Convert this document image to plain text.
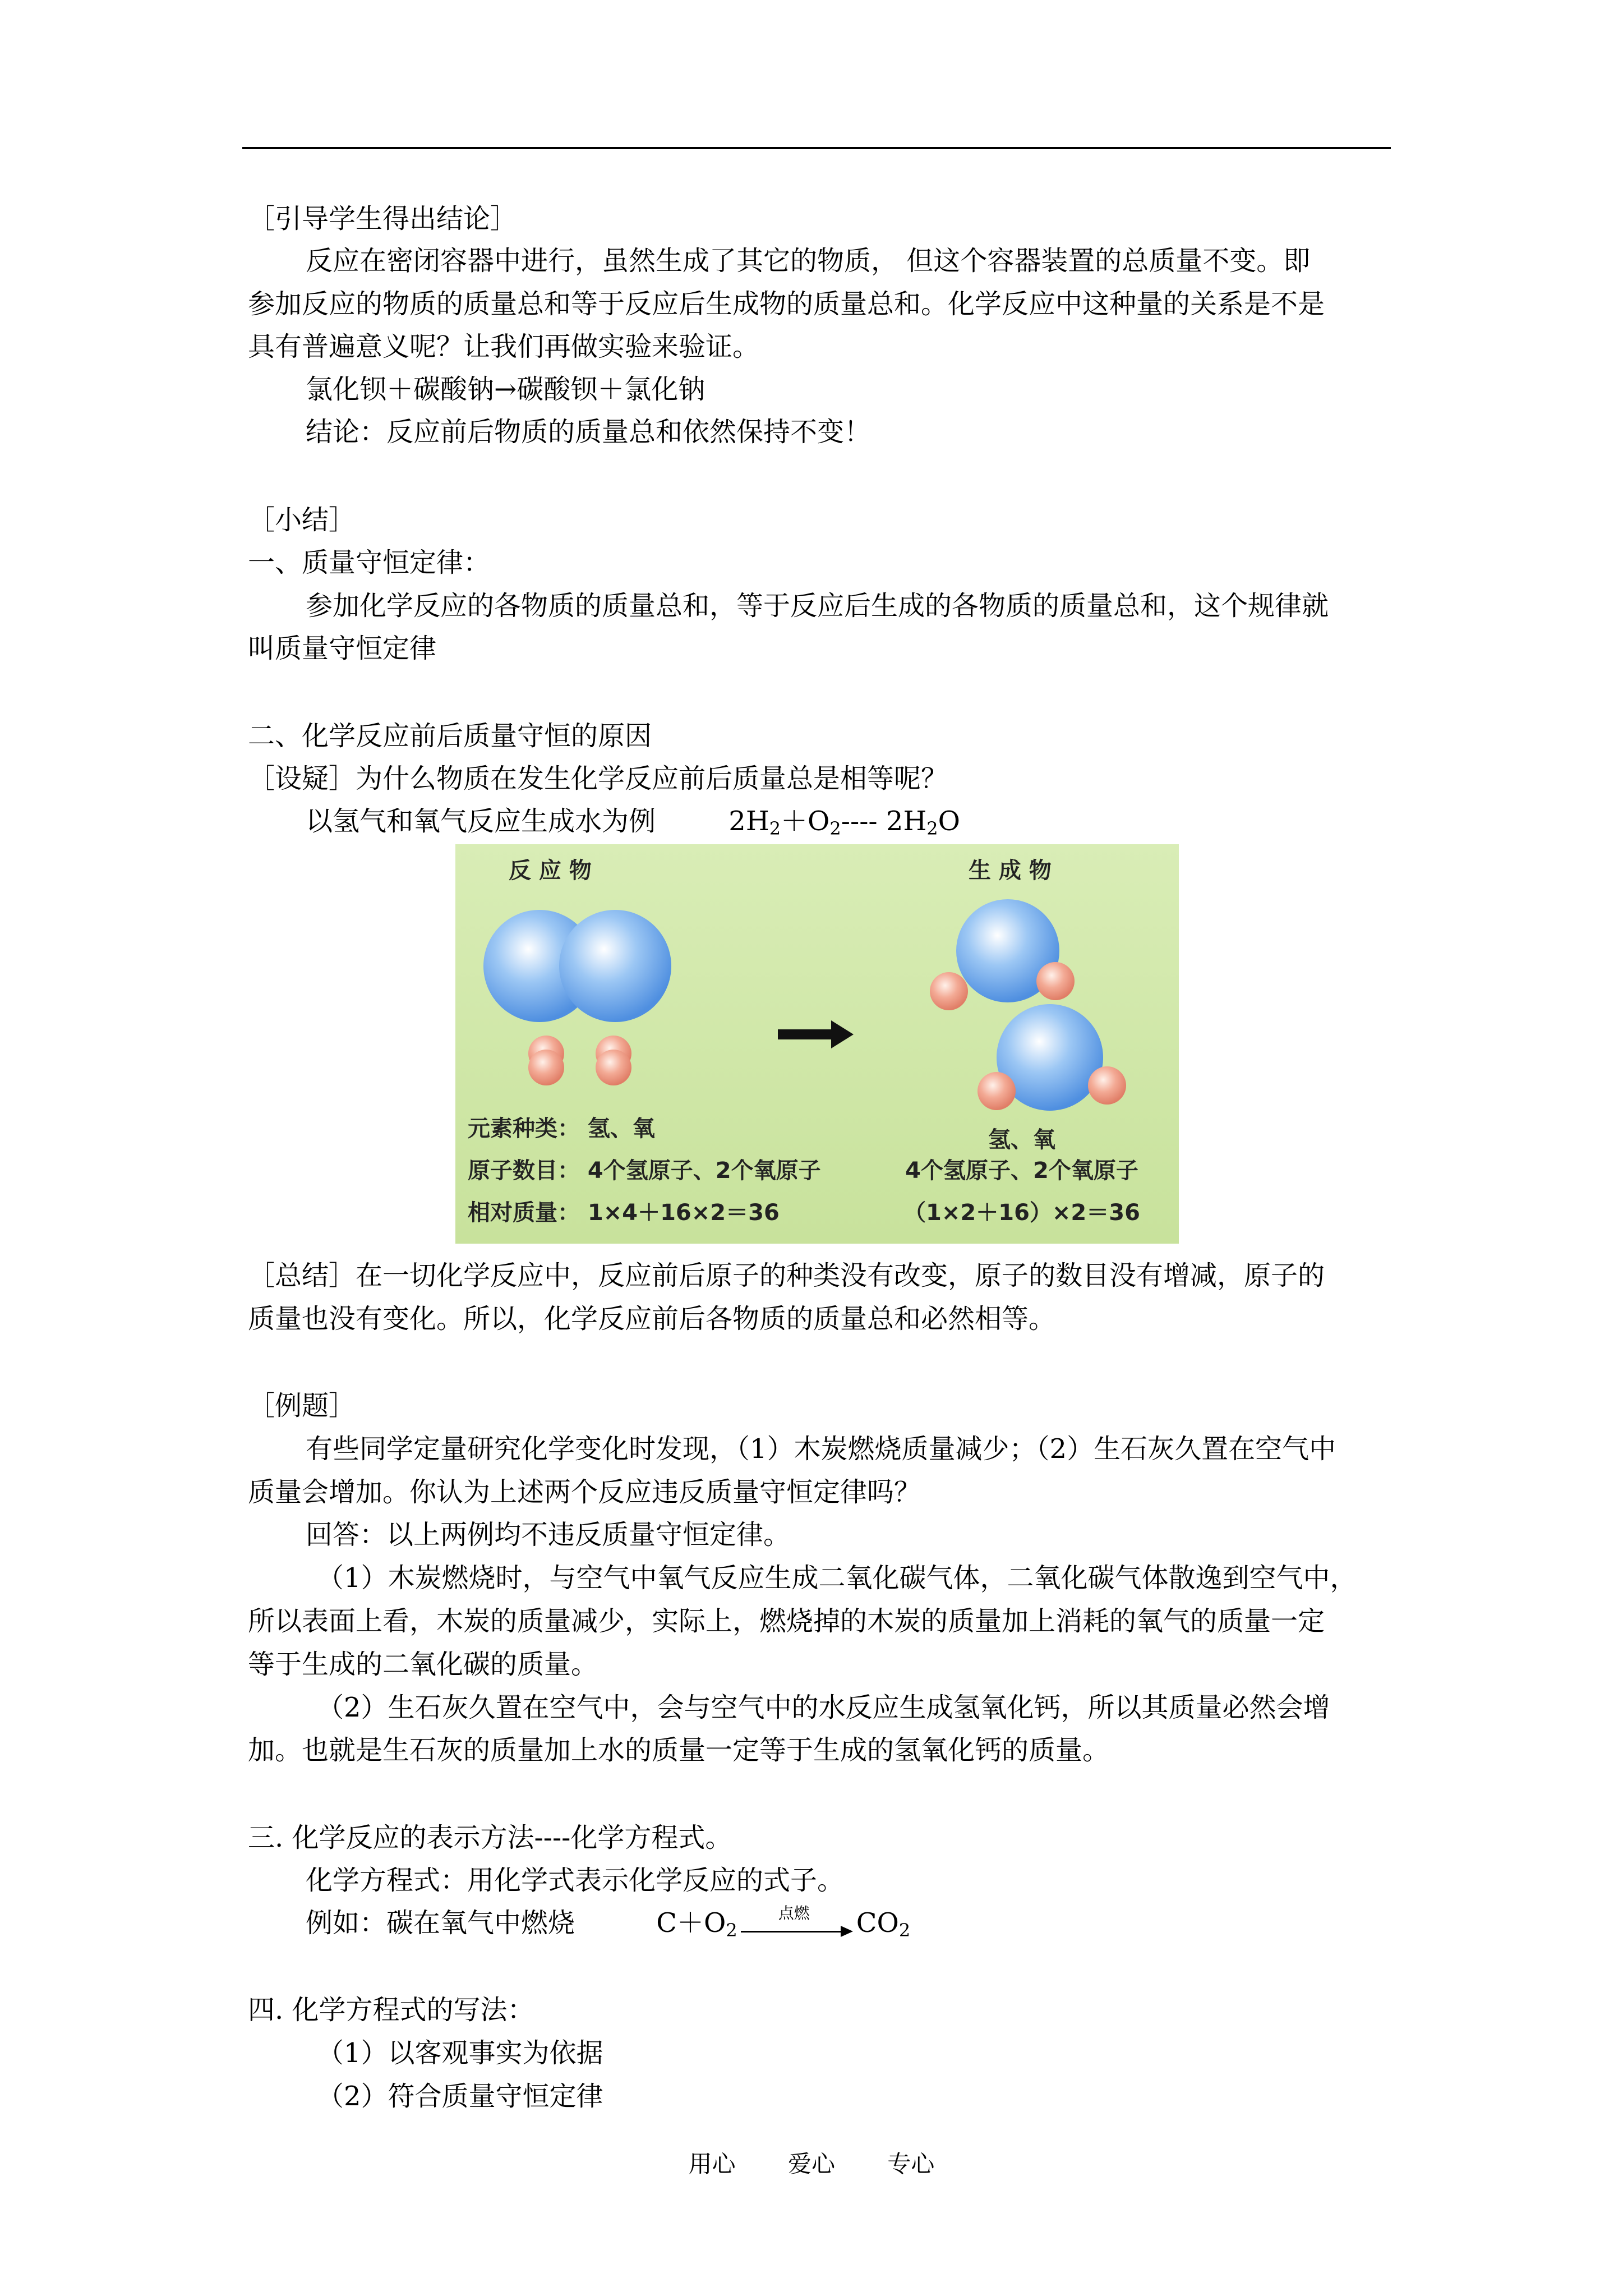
［引导学生得出结论］
反应在密闭容器中进行，虽然生成了其它的物质， 但这个容器装置的总质量不变。即
参加反应的物质的质量总和等于反应后生成物的质量总和。化学反应中这种量的关系是不是
具有普遍意义呢？让我们再做实验来验证。
氯化钡＋碳酸钠→碳酸钡＋氯化钠
结论：反应前后物质的质量总和依然保持不变！
［小结］
一、质量守恒定律：
参加化学反应的各物质的质量总和，等于反应后生成的各物质的质量总和，这个规律就
叫质量守恒定律
二、化学反应前后质量守恒的原因
［设疑］为什么物质在发生化学反应前后质量总是相等呢？
以氢气和氧气反应生成水为例	$2H_2+O_2----$ $2H_2O$
反 应 物	生 成 物
元素种类： 氢、氧
原子数目： 4个氢原子、2个氧原子
相对质量： 1×4＋16×2＝36
氢、氧
4个氢原子、2个氧原子
（1×2＋16）×2＝36
［总结］在一切化学反应中，反应前后原子的种类没有改变，原子的数目没有增减，原子的
质量也没有变化。所以，化学反应前后各物质的质量总和必然相等。
［例题］
有些同学定量研究化学变化时发现，（1）木炭燃烧质量减少；（2）生石灰久置在空气中
质量会增加。你认为上述两个反应违反质量守恒定律吗？
回答：以上两例均不违反质量守恒定律。
（1）木炭燃烧时，与空气中氧气反应生成二氧化碳气体，二氧化碳气体散逸到空气中，
所以表面上看，木炭的质量减少，实际上，燃烧掉的木炭的质量加上消耗的氧气的质量一定
等于生成的二氧化碳的质量。
（2）生石灰久置在空气中，会与空气中的水反应生成氢氧化钙，所以其质量必然会增
加。也就是生石灰的质量加上水的质量一定等于生成的氢氧化钙的质量。
三. 化学反应的表示方法----化学方程式。
化学方程式：用化学式表示化学反应的式子。
例如：碳在氧气中燃烧	$C+O_2$
点燃	$CO_2$
四. 化学方程式的写法：
（1）以客观事实为依据
（2）符合质量守恒定律
用心 爱心 专心
